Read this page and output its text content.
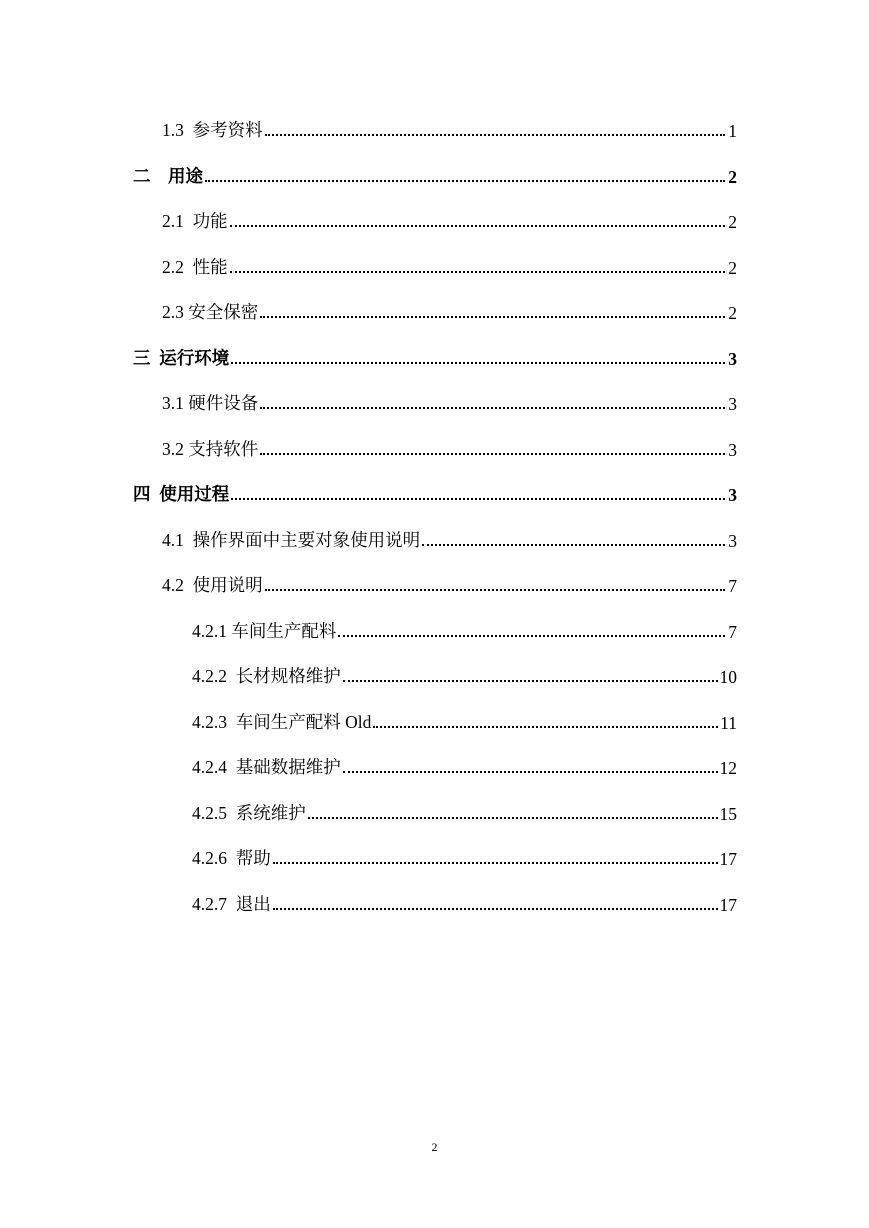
1.3  参考资料	1
二    用途	2
2.1  功能	2
2.2  性能	2
2.3 安全保密	2
三  运行环境	3
3.1 硬件设备	3
3.2 支持软件	3
四  使用过程	3
4.1  操作界面中主要对象使用说明	3
4.2  使用说明	7
4.2.1 车间生产配料	7
4.2.2  长材规格维护	10
4.2.3  车间生产配料 Old	11
4.2.4  基础数据维护	12
4.2.5  系统维护	15
4.2.6  帮助	17
4.2.7  退出	17
2
